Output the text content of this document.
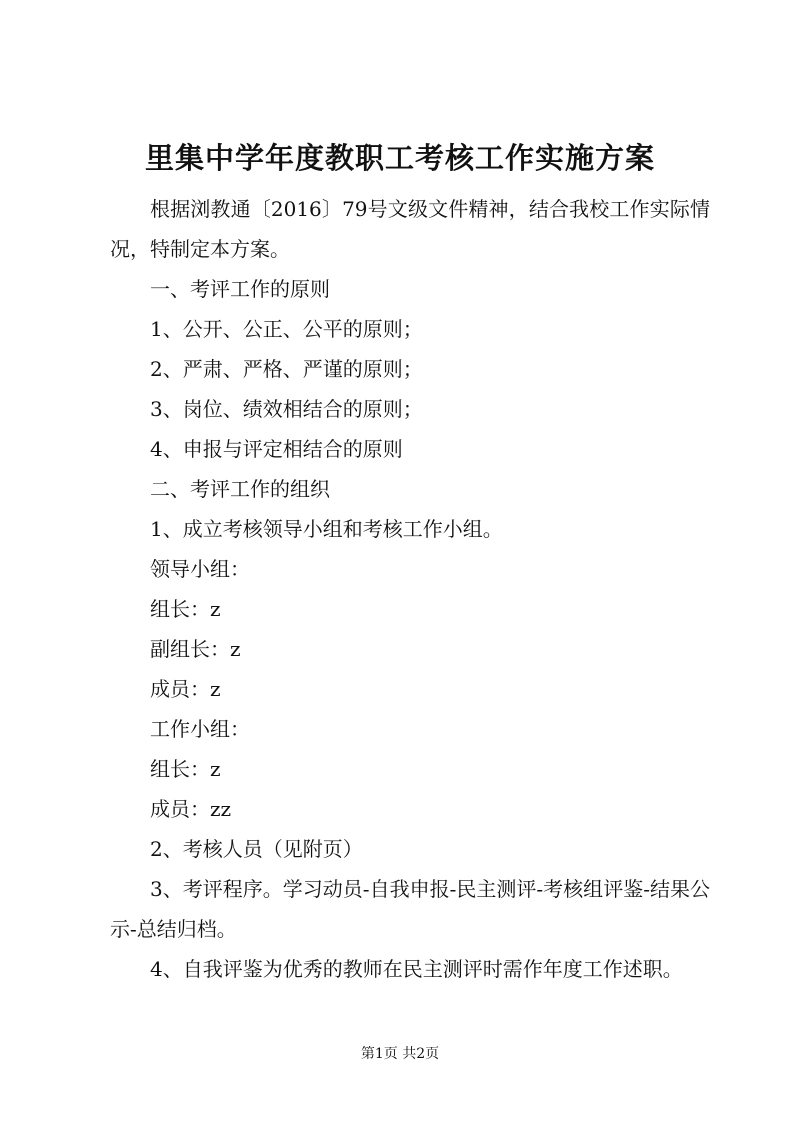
里集中学年度教职工考核工作实施方案

根据浏教通〔2016〕79号文级文件精神，结合我校工作实际情况，特制定本方案。

一、考评工作的原则

1、公开、公正、公平的原则；

2、严肃、严格、严谨的原则；

3、岗位、绩效相结合的原则；

4、申报与评定相结合的原则

二、考评工作的组织

1、成立考核领导小组和考核工作小组。

领导小组：

组长：z

副组长：z

成员：z

工作小组：

组长：z

成员：zz

2、考核人员（见附页）

3、考评程序。学习动员-自我申报-民主测评-考核组评鉴-结果公示-总结归档。

4、自我评鉴为优秀的教师在民主测评时需作年度工作述职。

第1页 共2页
